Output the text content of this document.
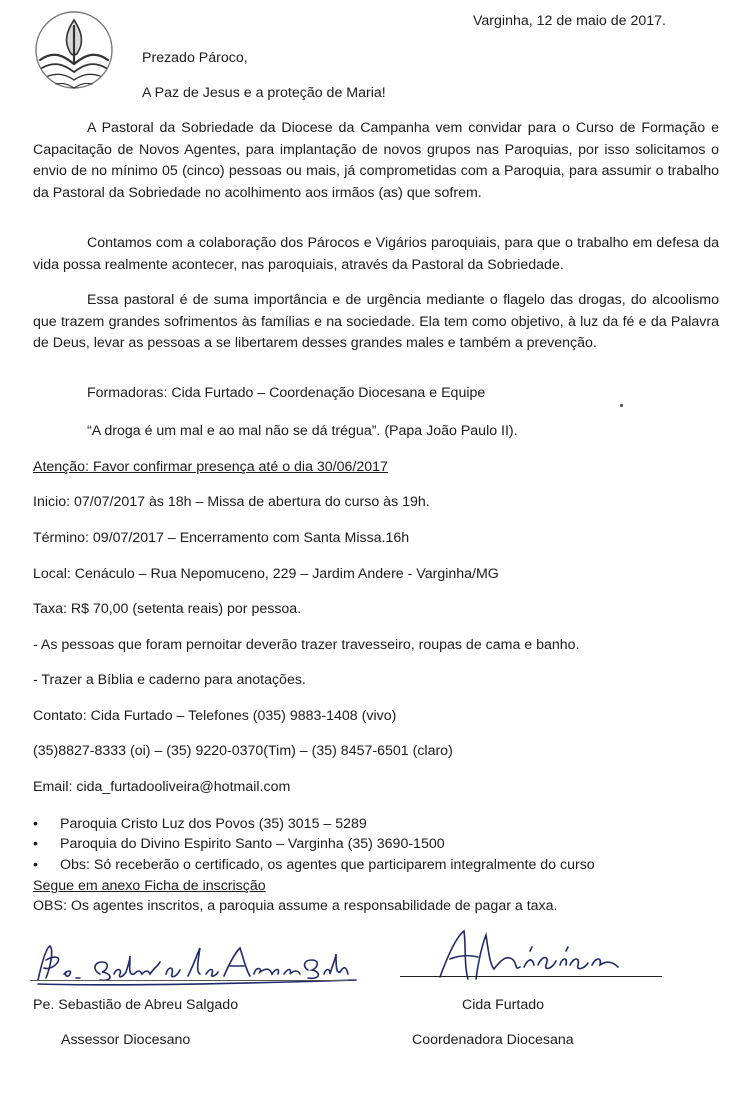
Varginha, 12 de maio de 2017.
Prezado Pároco,
A Paz de Jesus e a proteção de Maria!

A Pastoral da Sobriedade da Diocese da Campanha vem convidar para o Curso de Formação e Capacitação de Novos Agentes, para implantação de novos grupos nas Paroquias, por isso solicitamos o envio de no mínimo 05 (cinco) pessoas ou mais, já comprometidas com a Paroquia, para assumir o trabalho da Pastoral da Sobriedade no acolhimento aos irmãos (as) que sofrem.

Contamos com a colaboração dos Párocos e Vigários paroquiais, para que o trabalho em defesa da vida possa realmente acontecer, nas paroquiais, através da Pastoral da Sobriedade.

Essa pastoral é de suma importância e de urgência mediante o flagelo das drogas, do alcoolismo que trazem grandes sofrimentos às famílias e na sociedade. Ela tem como objetivo, à luz da fé e da Palavra de Deus, levar as pessoas a se libertarem desses grandes males e também a prevenção.

Formadoras: Cida Furtado – Coordenação Diocesana e Equipe
“A droga é um mal e ao mal não se dá trégua”. (Papa João Paulo II).
Atenção: Favor confirmar presença até o dia 30/06/2017
Inicio: 07/07/2017 às 18h – Missa de abertura do curso às 19h.
Término: 09/07/2017 – Encerramento com Santa Missa.16h
Local: Cenáculo – Rua Nepomuceno, 229 – Jardim Andere - Varginha/MG
Taxa: R$ 70,00 (setenta reais) por pessoa.
- As pessoas que foram pernoitar deverão trazer travesseiro, roupas de cama e banho.
- Trazer a Bíblia e caderno para anotações.
Contato: Cida Furtado – Telefones (035) 9883-1408 (vivo)
(35)8827-8333 (oi) – (35) 9220-0370(Tim) – (35) 8457-6501 (claro)
Email: cida_furtadooliveira@hotmail.com
• Paroquia Cristo Luz dos Povos (35) 3015 – 5289
• Paroquia do Divino Espirito Santo – Varginha (35) 3690-1500
• Obs: Só receberão o certificado, os agentes que participarem integralmente do curso
Segue em anexo Ficha de inscrisção
OBS: Os agentes inscritos, a paroquia assume a responsabilidade de pagar a taxa.
Pe. Sebastião de Abreu Salgado
Assessor Diocesano
Cida Furtado
Coordenadora Diocesana
